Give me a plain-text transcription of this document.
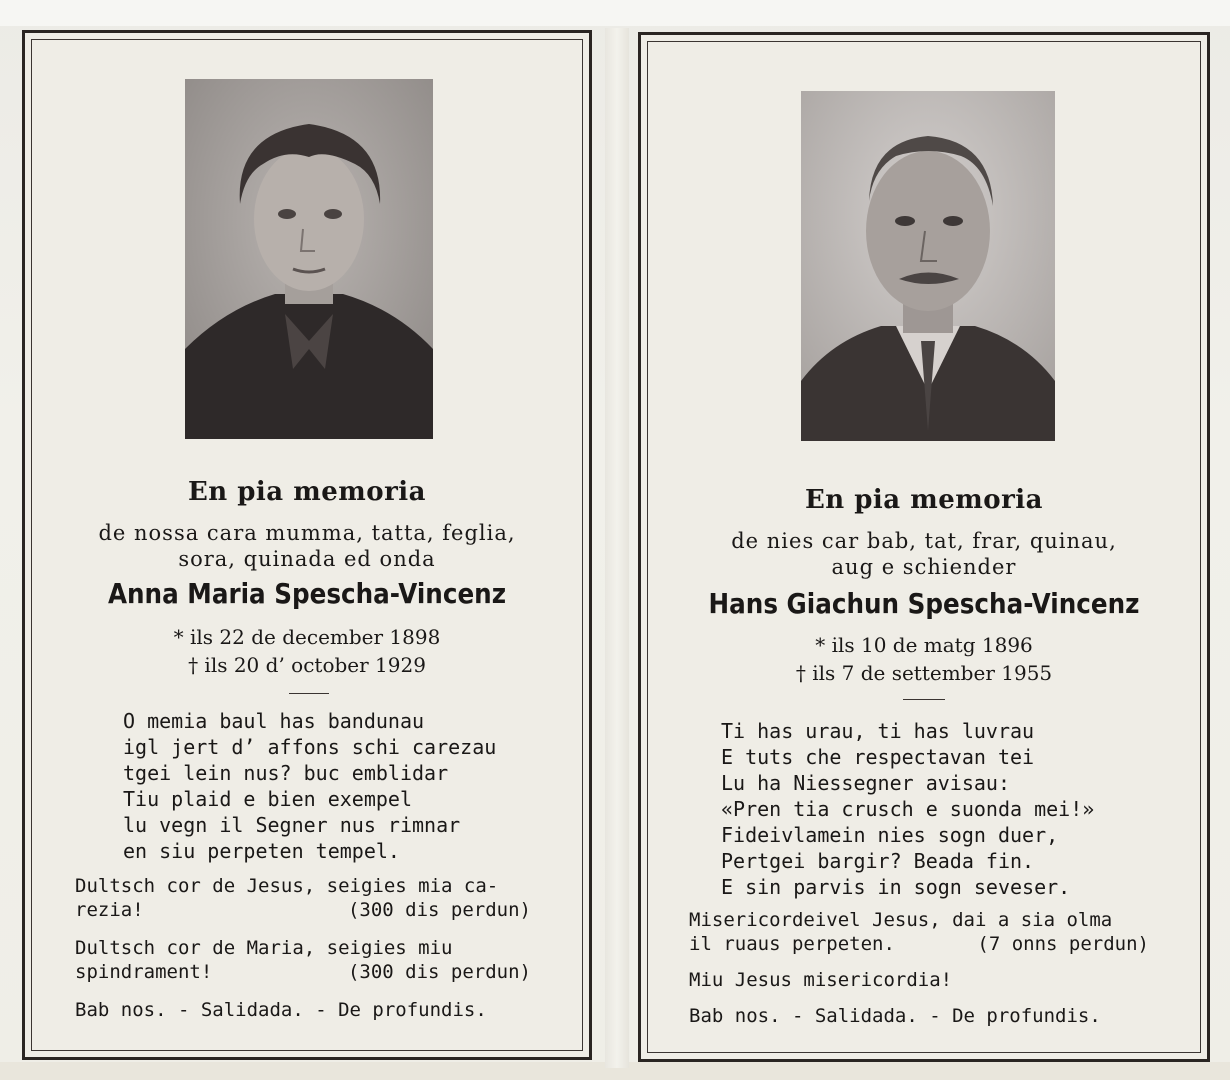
En pia memoria
de nossa cara mumma, tatta, feglia,
sora, quinada ed onda
Anna Maria Spescha-Vincenz
* ils 22 de december 1898
† ils 20 d’ october 1929
O memia baul has bandunau
igl jert d’ affons schi carezau
tgei lein nus? buc emblidar
Tiu plaid e bien exempel
lu vegn il Segner nus rimnar
en siu perpeten tempel.
Dultsch cor de Jesus, seigies mia ca-
rezia!	(300 dis perdun)
Dultsch cor de Maria, seigies miu
spindrament!	(300 dis perdun)
Bab nos. - Salidada. - De profundis.
En pia memoria
de nies car bab, tat, frar, quinau,
aug e schiender
Hans Giachun Spescha-Vincenz
* ils 10 de matg 1896
† ils 7 de settember 1955
Ti has urau, ti has luvrau
E tuts che respectavan tei
Lu ha Niessegner avisau:
«Pren tia crusch e suonda mei!»
Fideivlamein nies sogn duer,
Pertgei bargir? Beada fin.
E sin parvis in sogn seveser.
Misericordeivel Jesus, dai a sia olma
il ruaus perpeten.	(7 onns perdun)
Miu Jesus misericordia!
Bab nos. - Salidada. - De profundis.
